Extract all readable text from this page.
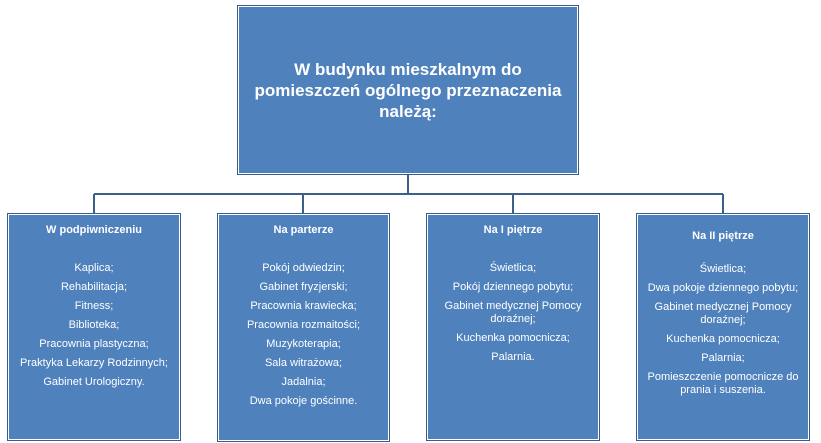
W budynku mieszkalnym do pomieszczeń ogólnego przeznaczenia należą:
W podpiwniczeniu
Kaplica;
Rehabilitacja;
Fitness;
Biblioteka;
Pracownia plastyczna;
Praktyka Lekarzy Rodzinnych;
Gabinet Urologiczny.
Na parterze
Pokój odwiedzin;
Gabinet fryzjerski;
Pracownia krawiecka;
Pracownia rozmaitości;
Muzykoterapia;
Sala witrażowa;
Jadalnia;
Dwa pokoje gościnne.
Na I piętrze
Świetlica;
Pokój dziennego pobytu;
Gabinet medycznej Pomocy doraźnej;
Kuchenka pomocnicza;
Palarnia.
Na II piętrze
Świetlica;
Dwa pokoje dziennego pobytu;
Gabinet medycznej Pomocy doraźnej;
Kuchenka pomocnicza;
Palarnia;
Pomieszczenie pomocnicze do prania i suszenia.
